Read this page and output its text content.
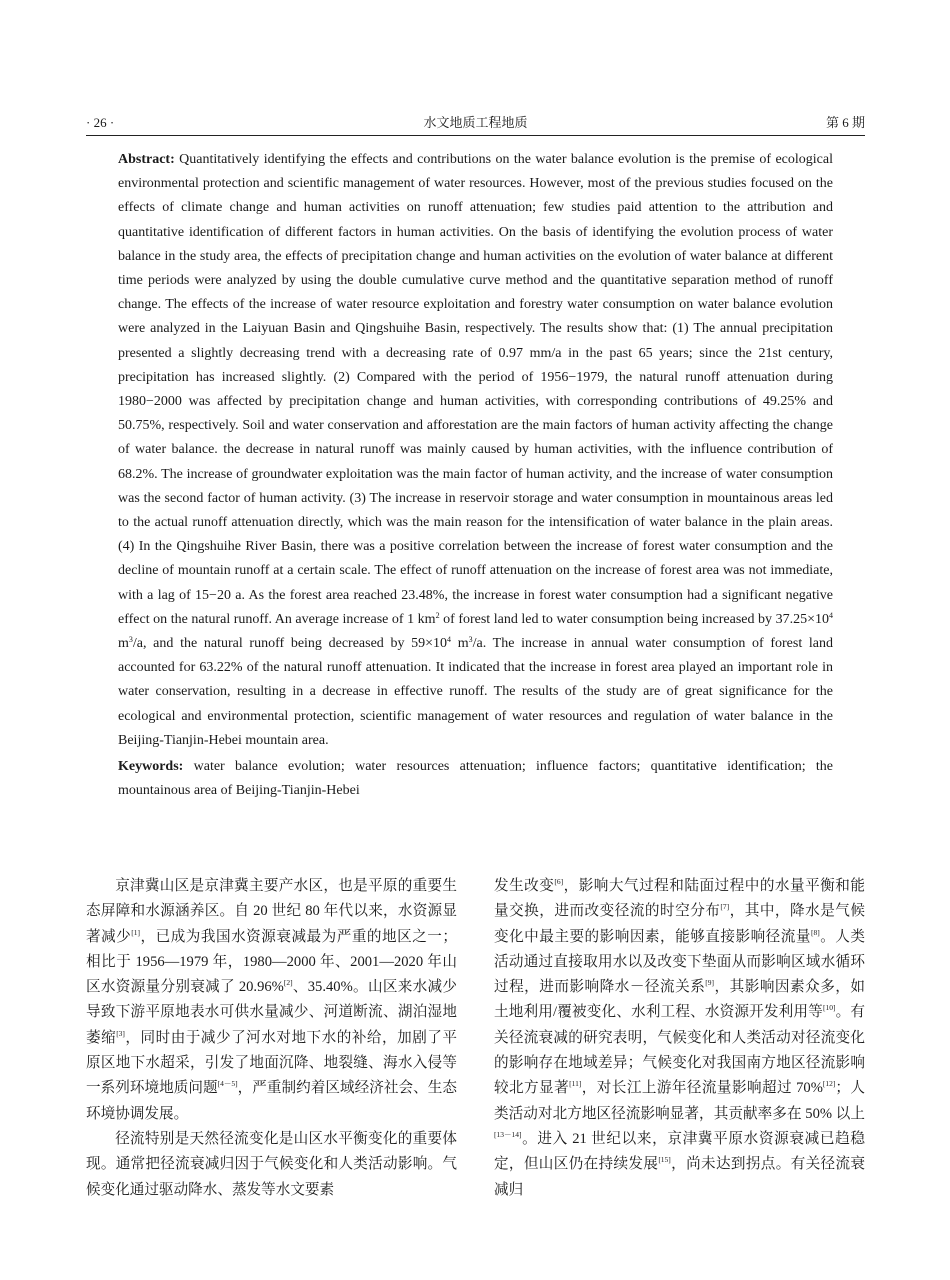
· 26 ·	水文地质工程地质	第 6 期

Abstract: Quantitatively identifying the effects and contributions on the water balance evolution is the premise of ecological environmental protection and scientific management of water resources. However, most of the previous studies focused on the effects of climate change and human activities on runoff attenuation; few studies paid attention to the attribution and quantitative identification of different factors in human activities. On the basis of identifying the evolution process of water balance in the study area, the effects of precipitation change and human activities on the evolution of water balance at different time periods were analyzed by using the double cumulative curve method and the quantitative separation method of runoff change. The effects of the increase of water resource exploitation and forestry water consumption on water balance evolution were analyzed in the Laiyuan Basin and Qingshuihe Basin, respectively. The results show that: (1) The annual precipitation presented a slightly decreasing trend with a decreasing rate of 0.97 mm/a in the past 65 years; since the 21st century, precipitation has increased slightly. (2) Compared with the period of 1956−1979, the natural runoff attenuation during 1980−2000 was affected by precipitation change and human activities, with corresponding contributions of 49.25% and 50.75%, respectively. Soil and water conservation and afforestation are the main factors of human activity affecting the change of water balance. the decrease in natural runoff was mainly caused by human activities, with the influence contribution of 68.2%. The increase of groundwater exploitation was the main factor of human activity, and the increase of water consumption was the second factor of human activity. (3) The increase in reservoir storage and water consumption in mountainous areas led to the actual runoff attenuation directly, which was the main reason for the intensification of water balance in the plain areas. (4) In the Qingshuihe River Basin, there was a positive correlation between the increase of forest water consumption and the decline of mountain runoff at a certain scale. The effect of runoff attenuation on the increase of forest area was not immediate, with a lag of 15−20 a. As the forest area reached 23.48%, the increase in forest water consumption had a significant negative effect on the natural runoff. An average increase of 1 $km^2$ of forest land led to water consumption being increased by $37.25\times 10^4$ $m^3/a$, and the natural runoff being decreased by $59\times 10^4$ $m^3/a$. The increase in annual water consumption of forest land accounted for 63.22% of the natural runoff attenuation. It indicated that the increase in forest area played an important role in water conservation, resulting in a decrease in effective runoff. The results of the study are of great significance for the ecological and environmental protection, scientific management of water resources and regulation of water balance in the Beijing-Tianjin-Hebei mountain area.

Keywords: water balance evolution; water resources attenuation; influence factors; quantitative identification; the mountainous area of Beijing-Tianjin-Hebei

京津冀山区是京津冀主要产水区，也是平原的重要生态屏障和水源涵养区。自 20 世纪 80 年代以来，水资源显著减少[1]，已成为我国水资源衰减最为严重的地区之一；相比于 1956—1979 年，1980—2000 年、2001—2020 年山区水资源量分别衰减了 20.96%[2]、35.40%。山区来水减少导致下游平原地表水可供水量减少、河道断流、湖泊湿地萎缩[3]，同时由于减少了河水对地下水的补给，加剧了平原区地下水超采，引发了地面沉降、地裂缝、海水入侵等一系列环境地质问题[4－5]，严重制约着区域经济社会、生态环境协调发展。

径流特别是天然径流变化是山区水平衡变化的重要体现。通常把径流衰减归因于气候变化和人类活动影响。气候变化通过驱动降水、蒸发等水文要素

发生改变[6]，影响大气过程和陆面过程中的水量平衡和能量交换，进而改变径流的时空分布[7]，其中，降水是气候变化中最主要的影响因素，能够直接影响径流量[8]。人类活动通过直接取用水以及改变下垫面从而影响区域水循环过程，进而影响降水－径流关系[9]，其影响因素众多，如土地利用/覆被变化、水利工程、水资源开发利用等[10]。有关径流衰减的研究表明，气候变化和人类活动对径流变化的影响存在地域差异；气候变化对我国南方地区径流影响较北方显著[11]，对长江上游年径流量影响超过 70%[12]；人类活动对北方地区径流影响显著，其贡献率多在 50% 以上[13－14]。进入 21 世纪以来，京津冀平原水资源衰减已趋稳定，但山区仍在持续发展[15]，尚未达到拐点。有关径流衰减归
